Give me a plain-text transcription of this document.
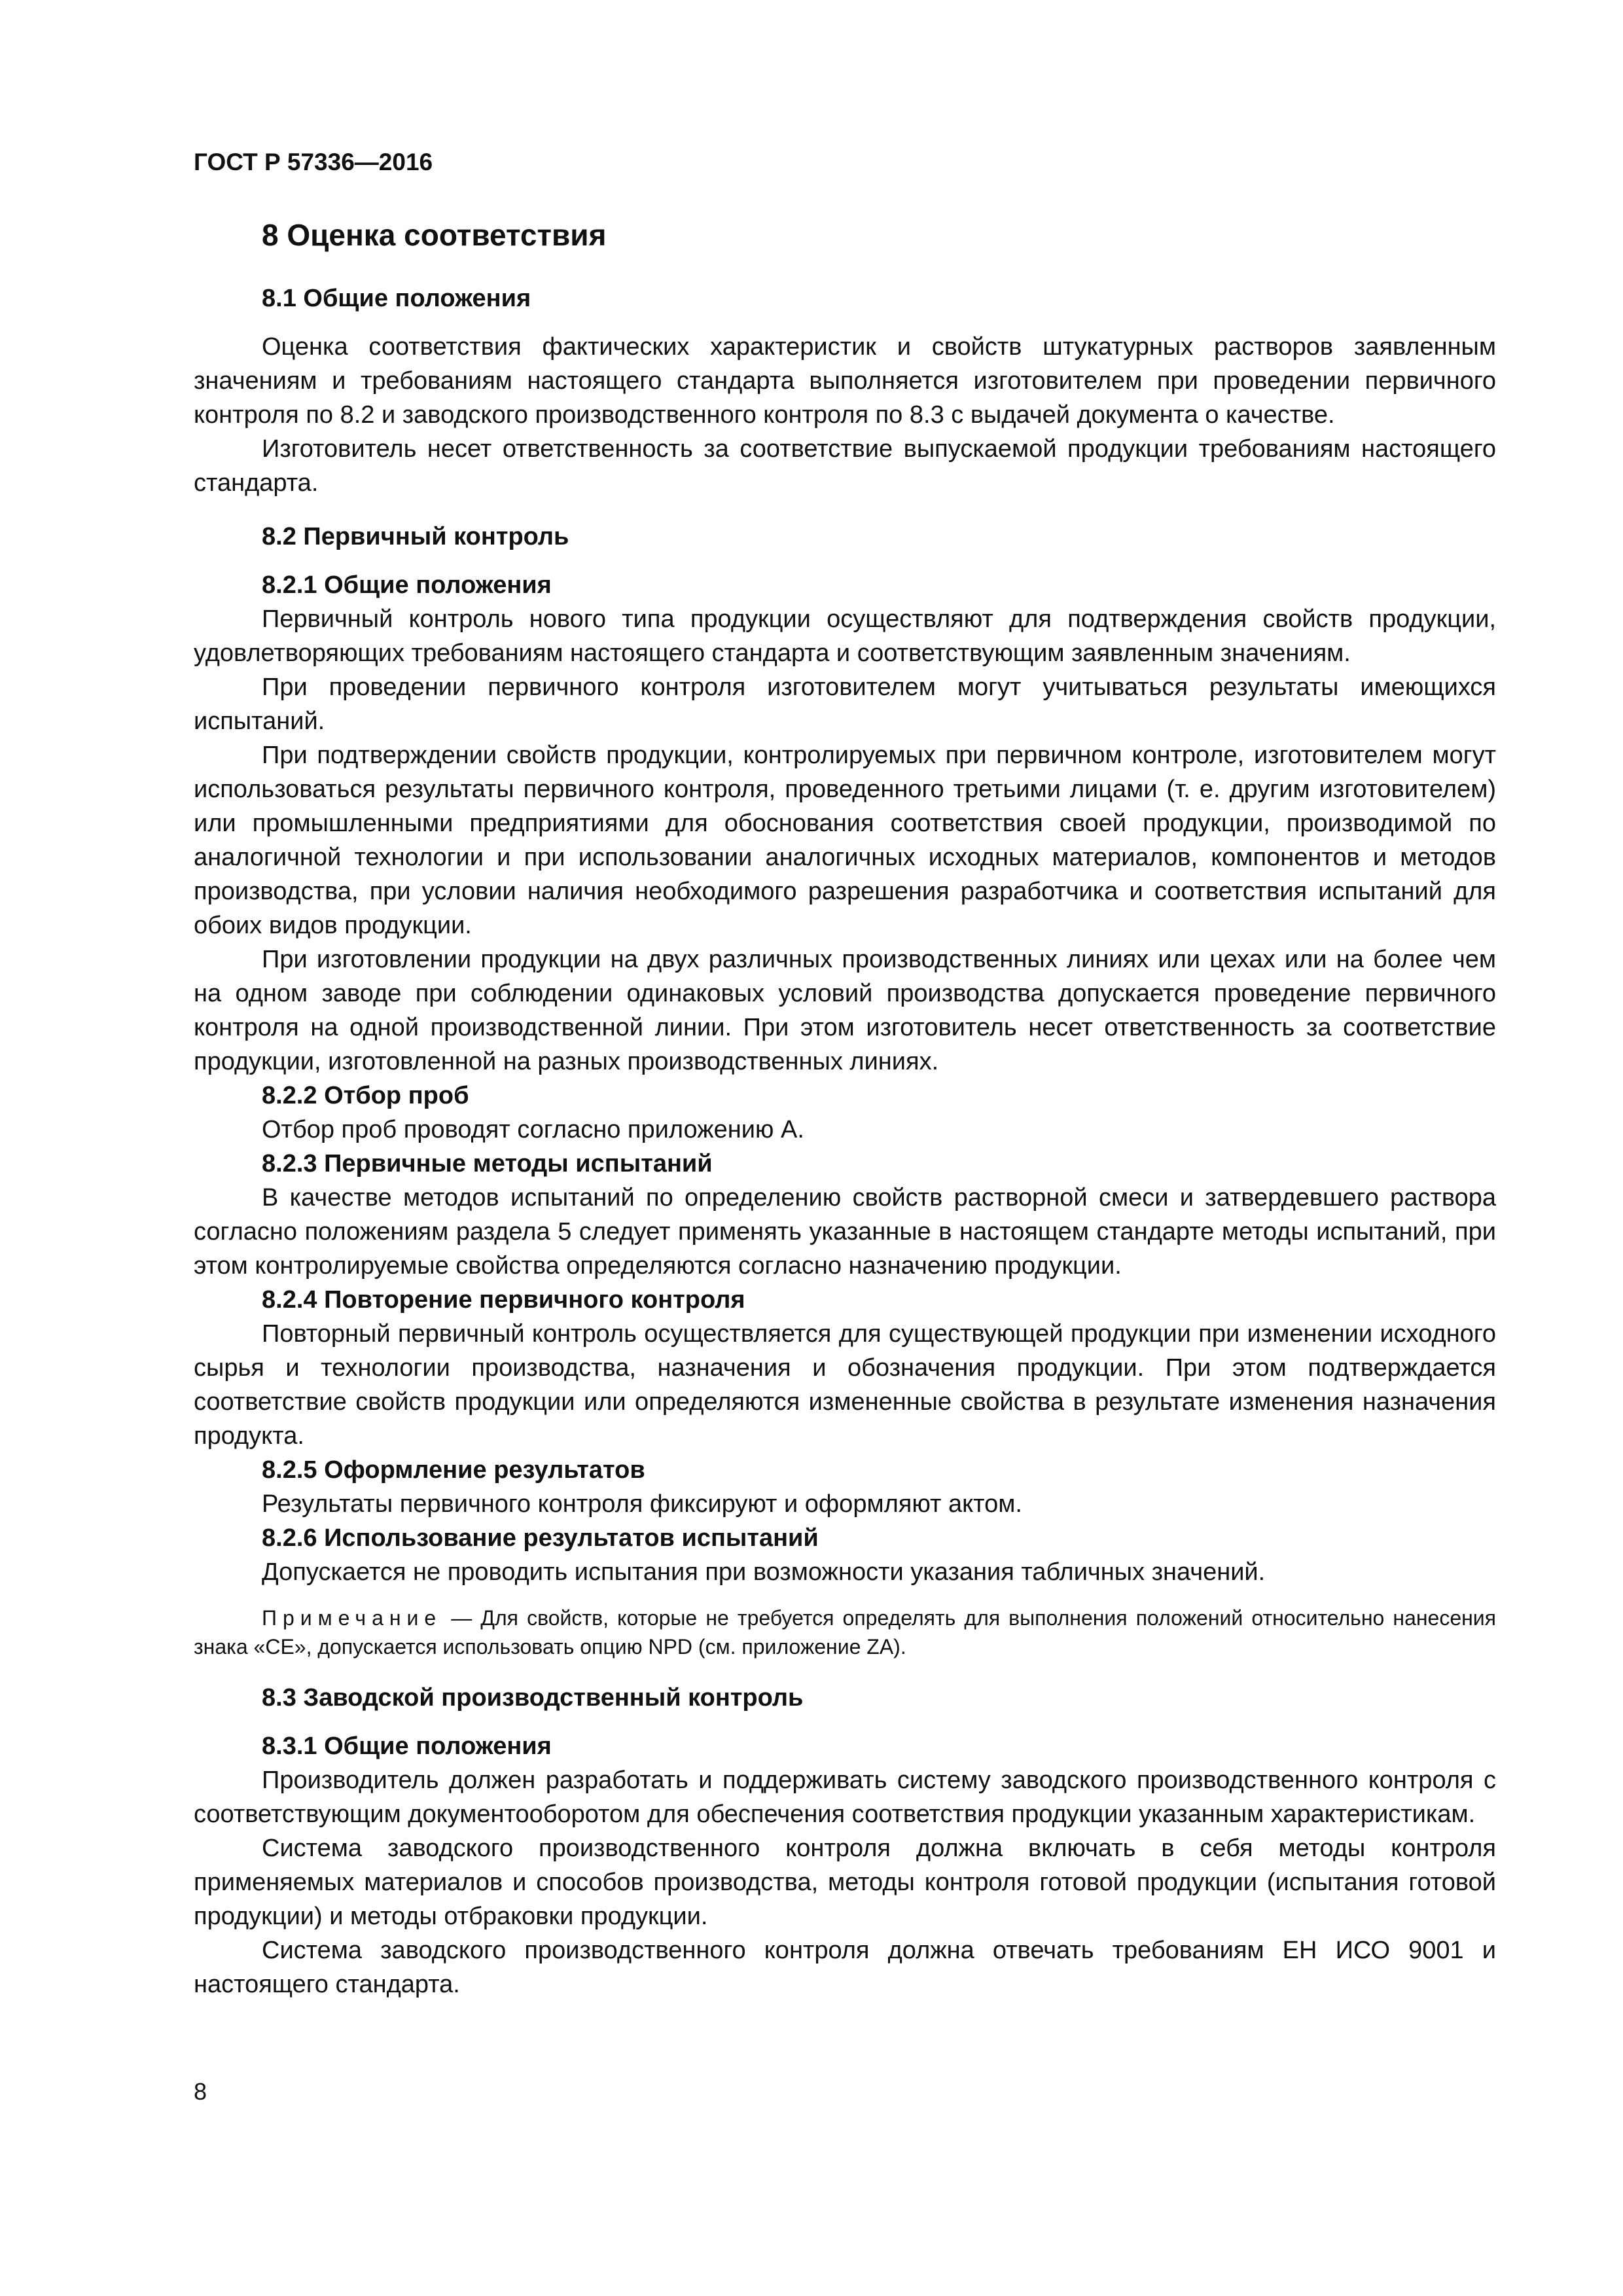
ГОСТ Р 57336—2016
8 Оценка соответствия
8.1 Общие положения

Оценка соответствия фактических характеристик и свойств штукатурных растворов заявленным значениям и требованиям настоящего стандарта выполняется изготовителем при проведении первичного контроля по 8.2 и заводского производственного контроля по 8.3 с выдачей документа о качестве.

Изготовитель несет ответственность за соответствие выпускаемой продукции требованиям настоящего стандарта.

8.2 Первичный контроль
8.2.1 Общие положения

Первичный контроль нового типа продукции осуществляют для подтверждения свойств продукции, удовлетворяющих требованиям настоящего стандарта и соответствующим заявленным значениям.

При проведении первичного контроля изготовителем могут учитываться результаты имеющихся испытаний.

При подтверждении свойств продукции, контролируемых при первичном контроле, изготовителем могут использоваться результаты первичного контроля, проведенного третьими лицами (т. е. другим изготовителем) или промышленными предприятиями для обоснования соответствия своей продукции, производимой по аналогичной технологии и при использовании аналогичных исходных материалов, компонентов и методов производства, при условии наличия необходимого разрешения разработчика и соответствия испытаний для обоих видов продукции.

При изготовлении продукции на двух различных производственных линиях или цехах или на более чем на одном заводе при соблюдении одинаковых условий производства допускается проведение первичного контроля на одной производственной линии. При этом изготовитель несет ответственность за соответствие продукции, изготовленной на разных производственных линиях.

8.2.2 Отбор проб

Отбор проб проводят согласно приложению А.

8.2.3 Первичные методы испытаний

В качестве методов испытаний по определению свойств растворной смеси и затвердевшего раствора согласно положениям раздела 5 следует применять указанные в настоящем стандарте методы испытаний, при этом контролируемые свойства определяются согласно назначению продукции.

8.2.4 Повторение первичного контроля

Повторный первичный контроль осуществляется для существующей продукции при изменении исходного сырья и технологии производства, назначения и обозначения продукции. При этом подтверждается соответствие свойств продукции или определяются измененные свойства в результате изменения назначения продукта.

8.2.5 Оформление результатов

Результаты первичного контроля фиксируют и оформляют актом.

8.2.6 Использование результатов испытаний

Допускается не проводить испытания при возможности указания табличных значений.

Примечание — Для свойств, которые не требуется определять для выполнения положений относительно нанесения знака «СЕ», допускается использовать опцию NPD (см. приложение ZA).

8.3 Заводской производственный контроль
8.3.1 Общие положения

Производитель должен разработать и поддерживать систему заводского производственного контроля с соответствующим документооборотом для обеспечения соответствия продукции указанным характеристикам.

Система заводского производственного контроля должна включать в себя методы контроля применяемых материалов и способов производства, методы контроля готовой продукции (испытания готовой продукции) и методы отбраковки продукции.

Система заводского производственного контроля должна отвечать требованиям ЕН ИСО 9001 и настоящего стандарта.

8
